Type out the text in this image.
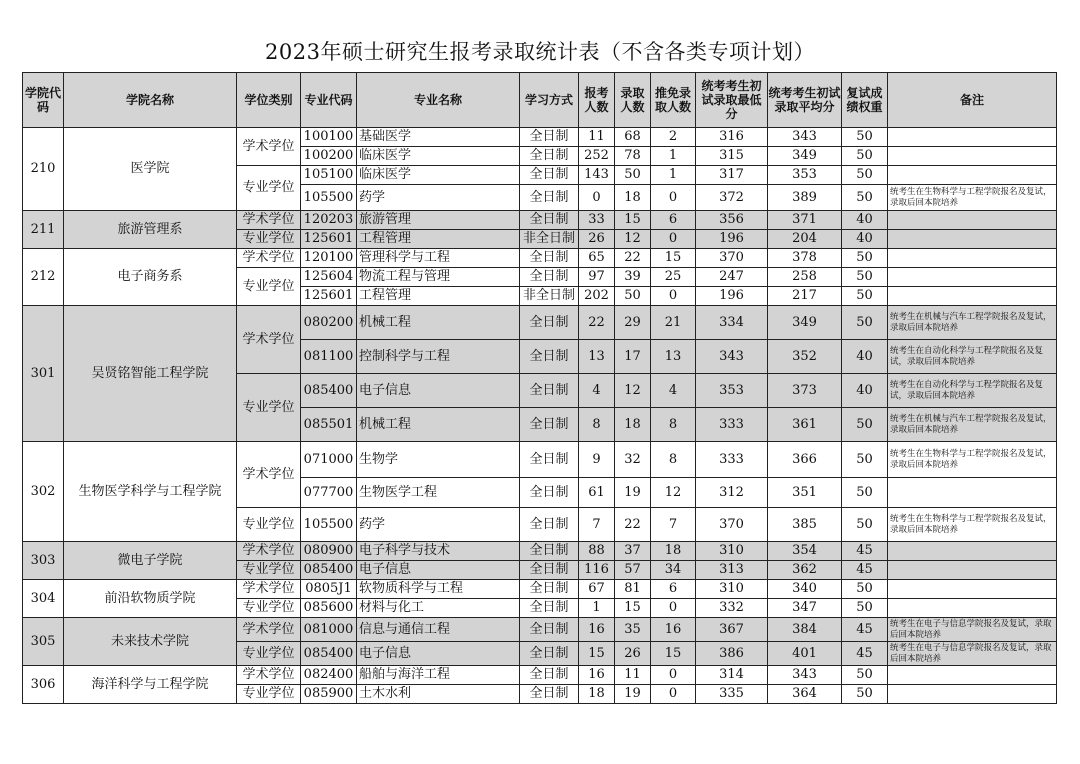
2023年硕士研究生报考录取统计表（不含各类专项计划）
学院代码	学院名称	学位类别	专业代码	专业名称	学习方式	报考人数	录取人数	推免录取人数	统考考生初试录取最低分	统考考生初试录取平均分	复试成绩权重	备注
210	医学院	学术学位	100100	基础医学	全日制	11	68	2	316	343	50	
			100200	临床医学	全日制	252	78	1	315	349	50	
		专业学位	105100	临床医学	全日制	143	50	1	317	353	50	
			105500	药学	全日制	0	18	0	372	389	50	统考生在生物科学与工程学院报名及复试，录取后回本院培养
211	旅游管理系	学术学位	120203	旅游管理	全日制	33	15	6	356	371	40	
		专业学位	125601	工程管理	非全日制	26	12	0	196	204	40	
212	电子商务系	学术学位	120100	管理科学与工程	全日制	65	22	15	370	378	50	
		专业学位	125604	物流工程与管理	全日制	97	39	25	247	258	50	
			125601	工程管理	非全日制	202	50	0	196	217	50	
301	吴贤铭智能工程学院	学术学位	080200	机械工程	全日制	22	29	21	334	349	50	统考生在机械与汽车工程学院报名及复试，录取后回本院培养
			081100	控制科学与工程	全日制	13	17	13	343	352	40	统考生在自动化科学与工程学院报名及复试，录取后回本院培养
		专业学位	085400	电子信息	全日制	4	12	4	353	373	40	统考生在自动化科学与工程学院报名及复试，录取后回本院培养
			085501	机械工程	全日制	8	18	8	333	361	50	统考生在机械与汽车工程学院报名及复试，录取后回本院培养
302	生物医学科学与工程学院	学术学位	071000	生物学	全日制	9	32	8	333	366	50	统考生在生物科学与工程学院报名及复试，录取后回本院培养
			077700	生物医学工程	全日制	61	19	12	312	351	50	
		专业学位	105500	药学	全日制	7	22	7	370	385	50	统考生在生物科学与工程学院报名及复试，录取后回本院培养
303	微电子学院	学术学位	080900	电子科学与技术	全日制	88	37	18	310	354	45	
		专业学位	085400	电子信息	全日制	116	57	34	313	362	45	
304	前沿软物质学院	学术学位	0805J1	软物质科学与工程	全日制	67	81	6	310	340	50	
		专业学位	085600	材料与化工	全日制	1	15	0	332	347	50	
305	未来技术学院	学术学位	081000	信息与通信工程	全日制	16	35	16	367	384	45	统考生在电子与信息学院报名及复试，录取后回本院培养
		专业学位	085400	电子信息	全日制	15	26	15	386	401	45	统考生在电子与信息学院报名及复试，录取后回本院培养
306	海洋科学与工程学院	学术学位	082400	船舶与海洋工程	全日制	16	11	0	314	343	50	
		专业学位	085900	土木水利	全日制	18	19	0	335	364	50	
